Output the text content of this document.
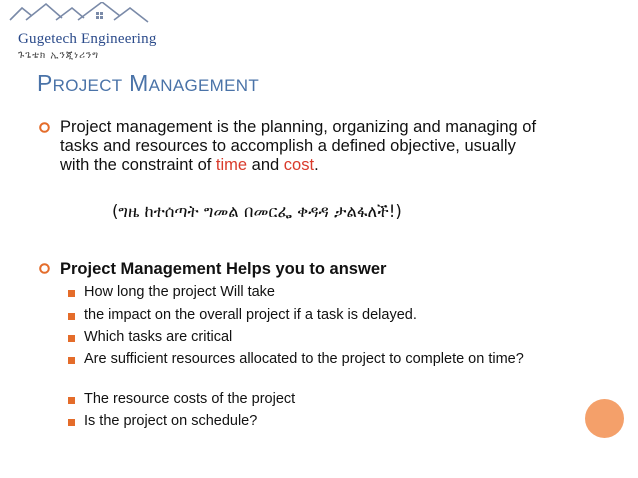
Gugetech Engineering
ጉጌቴክ ኢንጂነሪንግ
PROJECT MANAGEMENT
Project management is the planning, organizing and managing of tasks and resources to accomplish a defined objective, usually with the constraint of time and cost.
(ግዜ ከተሰጣት ግመል በመርፌ ቀዳዳ ታልፋለች!)
Project Management Helps you to answer
How long the project Will take
the impact on the overall project if a task is delayed.
Which tasks are critical
Are sufficient resources allocated to the project to complete on time?
The resource costs of the project
Is the project on schedule?
